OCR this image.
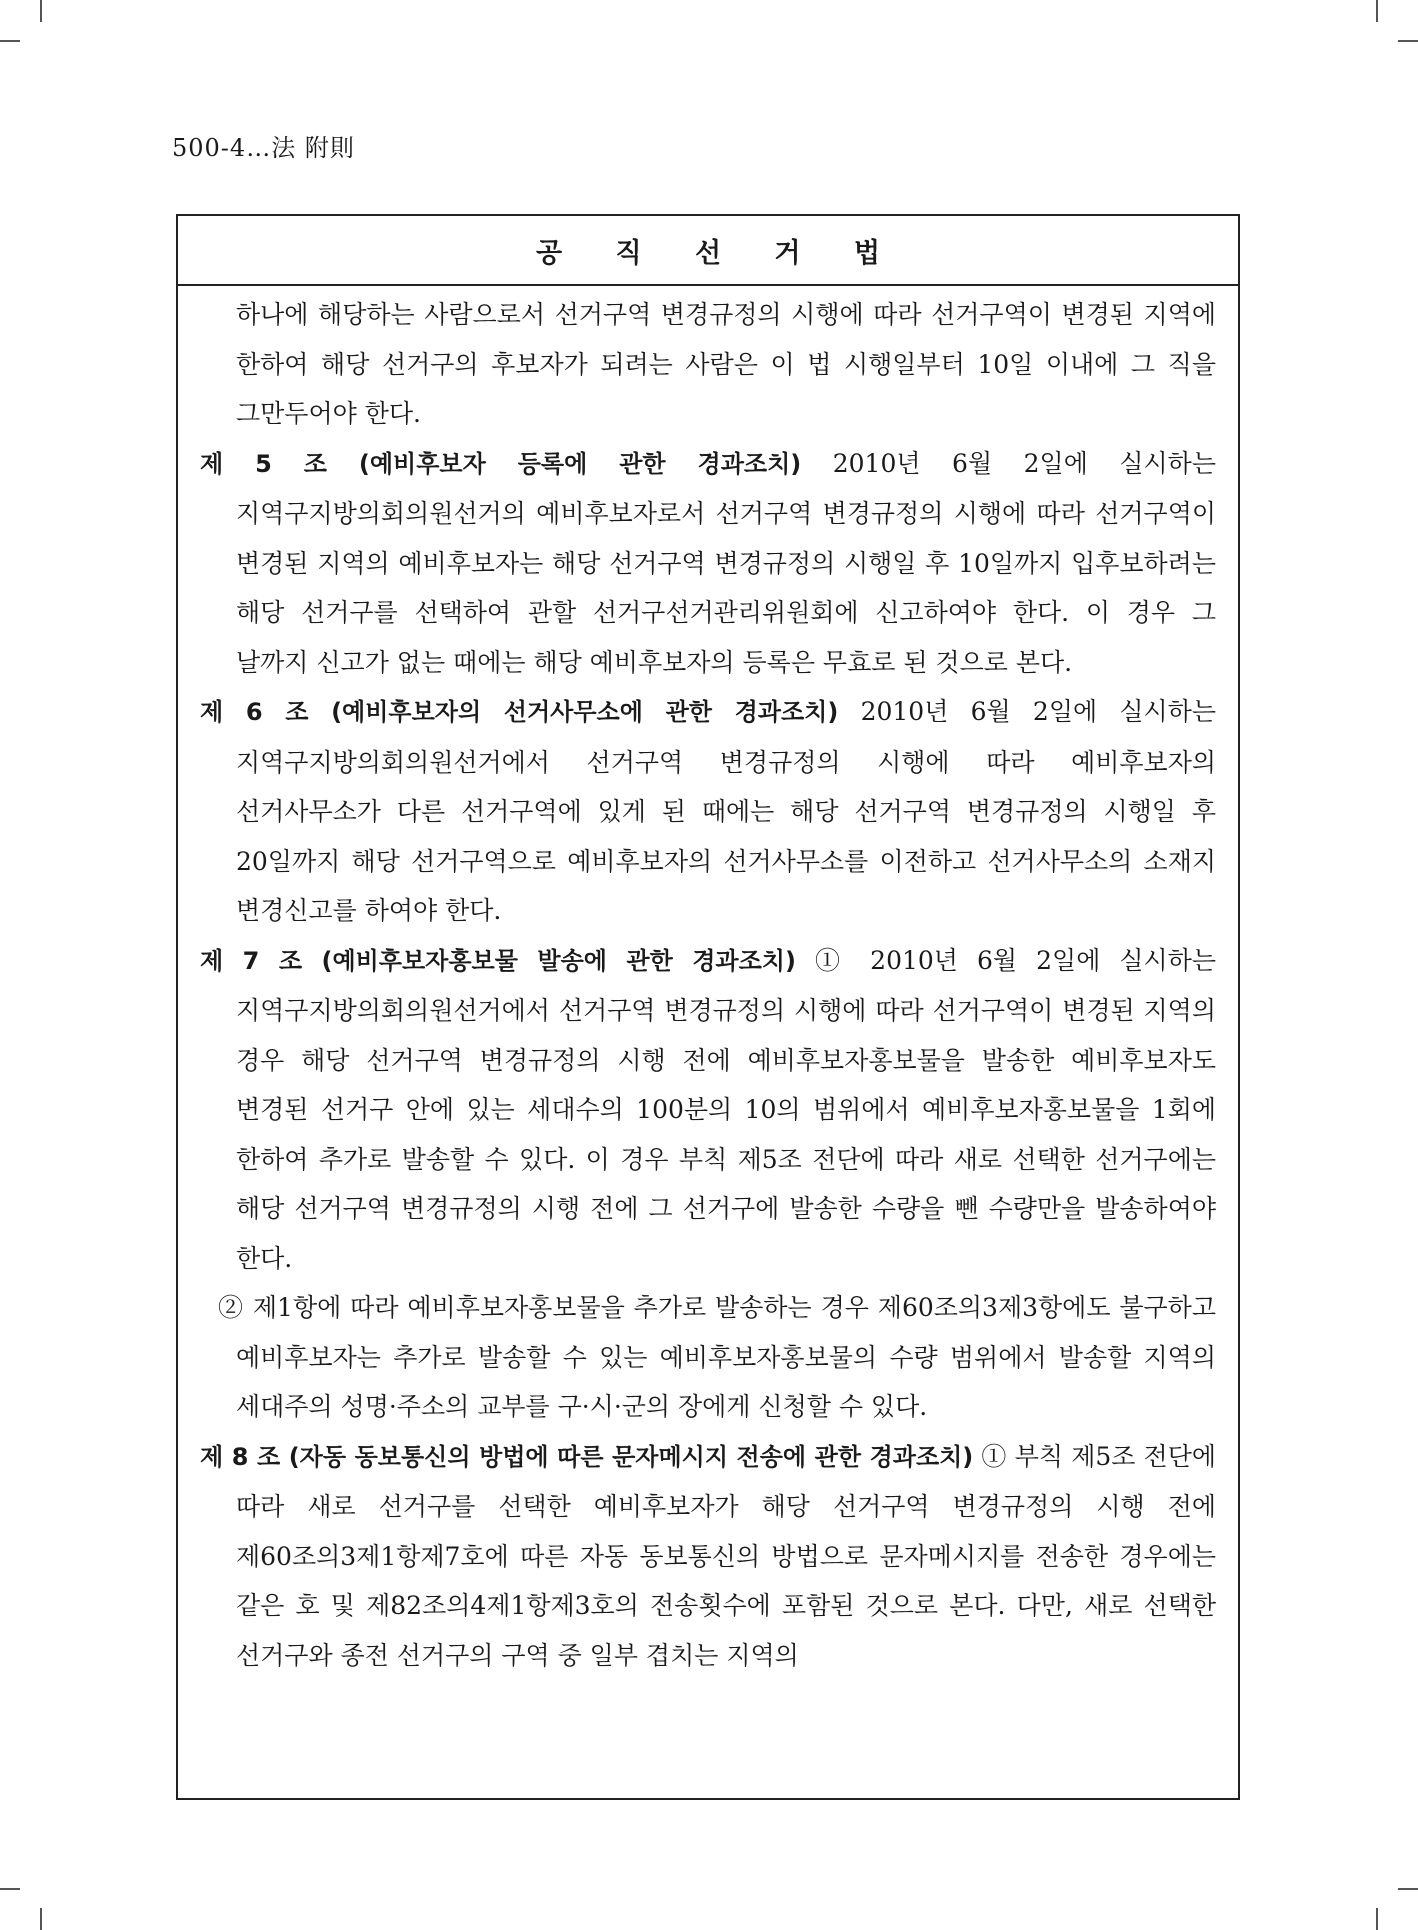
500-4…法 附則
공 직 선 거 법

하나에 해당하는 사람으로서 선거구역 변경규정의 시행에 따라 선거구역이 변경된 지역에 한하여 해당 선거구의 후보자가 되려는 사람은 이 법 시행일부터 10일 이내에 그 직을 그만두어야 한다.

제 5 조 (예비후보자 등록에 관한 경과조치) 2010년 6월 2일에 실시하는 지역구지방의회의원선거의 예비후보자로서 선거구역 변경규정의 시행에 따라 선거구역이 변경된 지역의 예비후보자는 해당 선거구역 변경규정의 시행일 후 10일까지 입후보하려는 해당 선거구를 선택하여 관할 선거구선거관리위원회에 신고하여야 한다. 이 경우 그 날까지 신고가 없는 때에는 해당 예비후보자의 등록은 무효로 된 것으로 본다.

제 6 조 (예비후보자의 선거사무소에 관한 경과조치) 2010년 6월 2일에 실시하는 지역구지방의회의원선거에서 선거구역 변경규정의 시행에 따라 예비후보자의 선거사무소가 다른 선거구역에 있게 된 때에는 해당 선거구역 변경규정의 시행일 후 20일까지 해당 선거구역으로 예비후보자의 선거사무소를 이전하고 선거사무소의 소재지 변경신고를 하여야 한다.

제 7 조 (예비후보자홍보물 발송에 관한 경과조치) ① 2010년 6월 2일에 실시하는 지역구지방의회의원선거에서 선거구역 변경규정의 시행에 따라 선거구역이 변경된 지역의 경우 해당 선거구역 변경규정의 시행 전에 예비후보자홍보물을 발송한 예비후보자도 변경된 선거구 안에 있는 세대수의 100분의 10의 범위에서 예비후보자홍보물을 1회에 한하여 추가로 발송할 수 있다. 이 경우 부칙 제5조 전단에 따라 새로 선택한 선거구에는 해당 선거구역 변경규정의 시행 전에 그 선거구에 발송한 수량을 뺀 수량만을 발송하여야 한다.

② 제1항에 따라 예비후보자홍보물을 추가로 발송하는 경우 제60조의3제3항에도 불구하고 예비후보자는 추가로 발송할 수 있는 예비후보자홍보물의 수량 범위에서 발송할 지역의 세대주의 성명·주소의 교부를 구·시·군의 장에게 신청할 수 있다.

제 8 조 (자동 동보통신의 방법에 따른 문자메시지 전송에 관한 경과조치) ① 부칙 제5조 전단에 따라 새로 선거구를 선택한 예비후보자가 해당 선거구역 변경규정의 시행 전에 제60조의3제1항제7호에 따른 자동 동보통신의 방법으로 문자메시지를 전송한 경우에는 같은 호 및 제82조의4제1항제3호의 전송횟수에 포함된 것으로 본다. 다만, 새로 선택한 선거구와 종전 선거구의 구역 중 일부 겹치는 지역의
